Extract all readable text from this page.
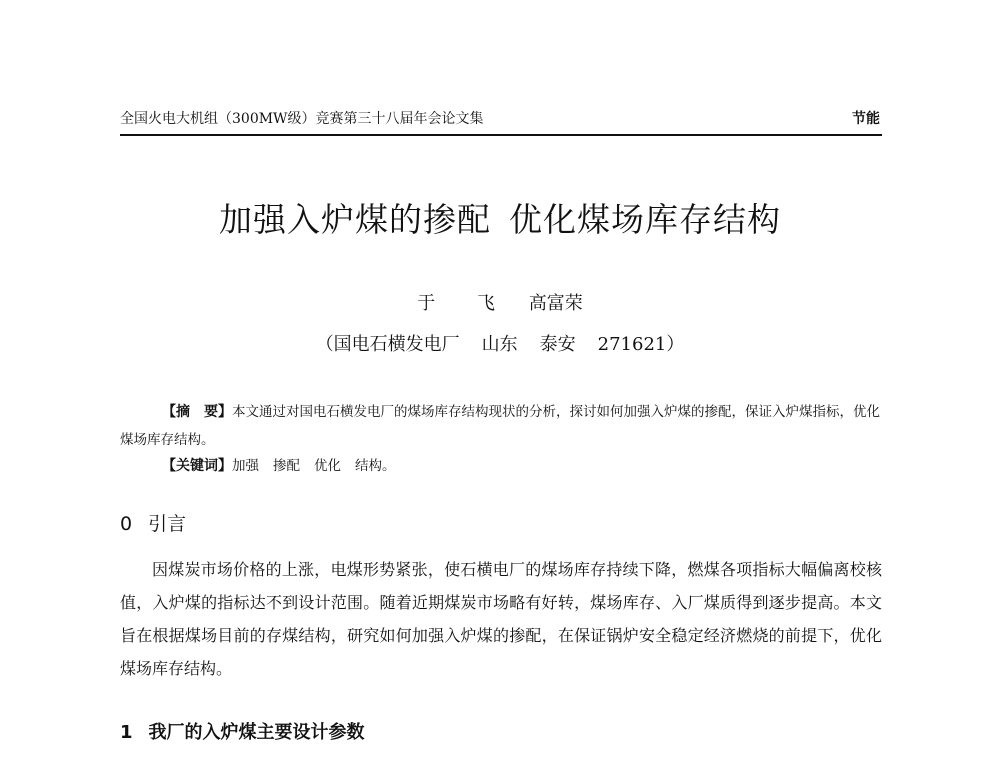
全国火电大机组（300MW级）竞赛第三十八届年会论文集	节能
加强入炉煤的掺配 优化煤场库存结构
于 飞 高富荣
（国电石横发电厂 山东 泰安 271621）
【摘　要】本文通过对国电石横发电厂的煤场库存结构现状的分析，探讨如何加强入炉煤的掺配，保证入炉煤指标，优化煤场库存结构。
【关键词】加强 掺配 优化 结构。
0 引言
因煤炭市场价格的上涨，电煤形势紧张，使石横电厂的煤场库存持续下降，燃煤各项指标大幅偏离校核值，入炉煤的指标达不到设计范围。随着近期煤炭市场略有好转，煤场库存、入厂煤质得到逐步提高。本文旨在根据煤场目前的存煤结构，研究如何加强入炉煤的掺配，在保证锅炉安全稳定经济燃烧的前提下，优化煤场库存结构。
1 我厂的入炉煤主要设计参数
